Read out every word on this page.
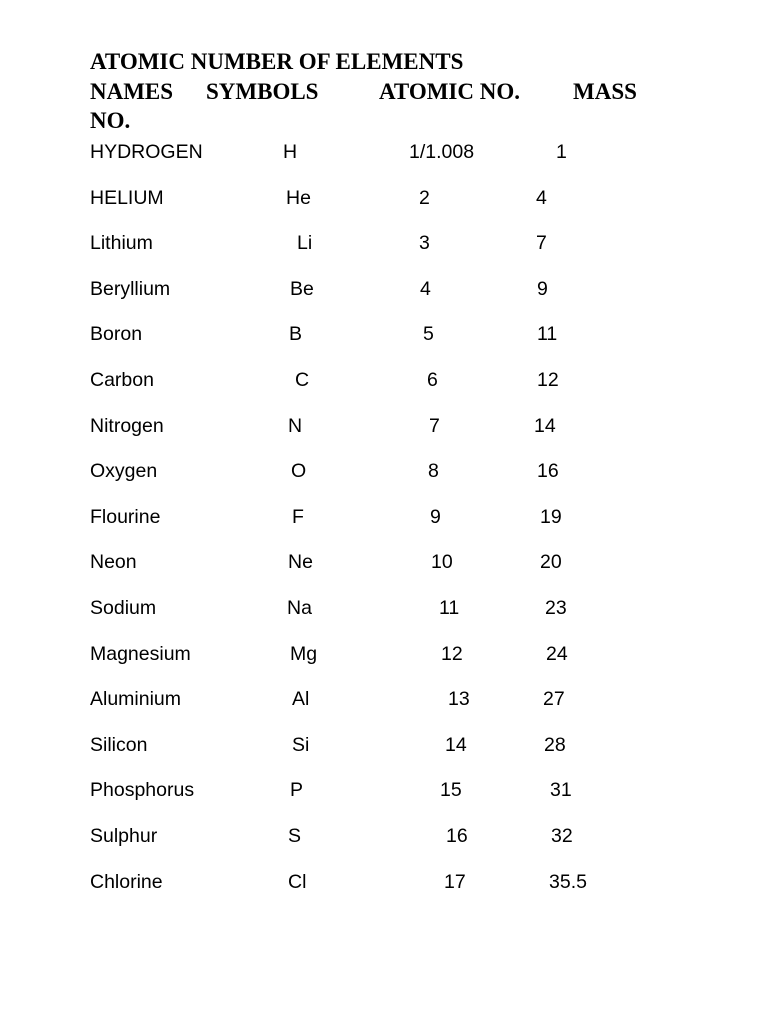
ATOMIC NUMBER OF ELEMENTS
NAMES SYMBOLS	ATOMIC NO. MASS
NO.
HYDROGEN	H	1/1.008	1
HELIUM	He	2	4
Lithium	Li	3	7
Beryllium	Be	4	9
Boron	B	5	11
Carbon	C	6	12
Nitrogen	N	7	14
Oxygen	O	8	16
Flourine	F	9	19
Neon	Ne	10	20
Sodium	Na	11	23
Magnesium	Mg	12	24
Aluminium	Al	13	27
Silicon	Si	14	28
Phosphorus	P	15	31
Sulphur	S	16	32
Chlorine	Cl	17	35.5
